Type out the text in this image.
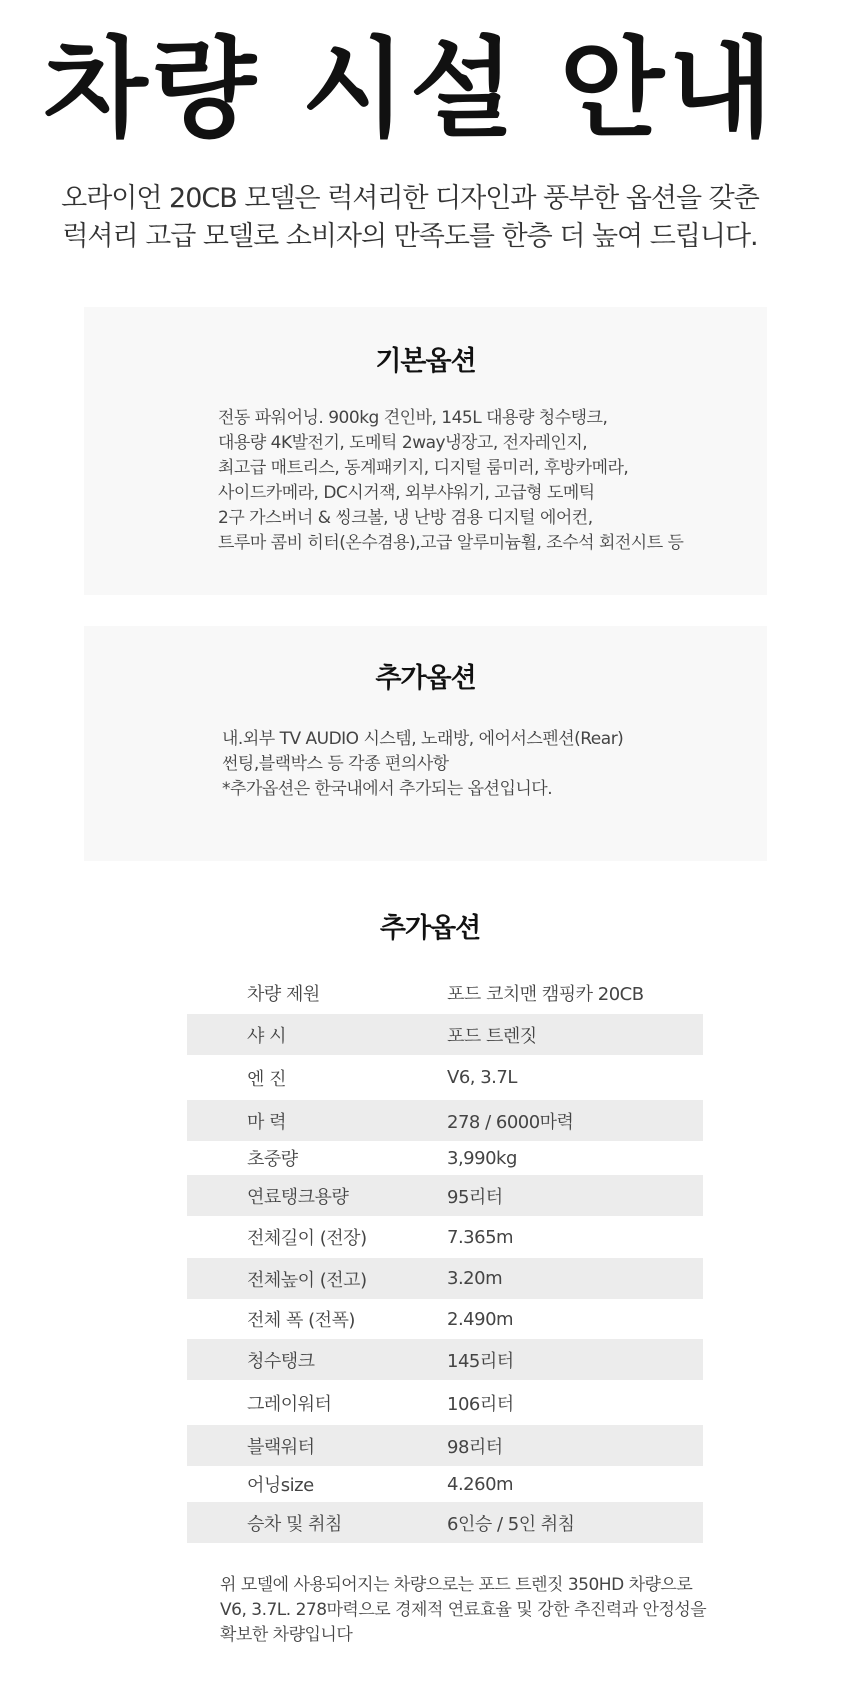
차량 시설 안내

오라이언 20CB 모델은 럭셔리한 디자인과 풍부한 옵션을 갖춘
럭셔리 고급 모델로 소비자의 만족도를 한층 더 높여 드립니다.

기본옵션
전동 파워어닝. 900kg 견인바, 145L 대용량 청수탱크,
대용량 4K발전기, 도메틱 2way냉장고, 전자레인지,
최고급 매트리스, 동계패키지, 디지털 룸미러, 후방카메라,
사이드카메라, DC시거잭, 외부샤워기, 고급형 도메틱
2구 가스버너 & 씽크볼, 냉 난방 겸용 디지털 에어컨,
트루마 콤비 히터(온수겸용),고급 알루미늄휠, 조수석 회전시트 등
추가옵션
내.외부 TV AUDIO 시스템, 노래방, 에어서스펜션(Rear)
썬팅,블랙박스 등 각종 편의사항
*추가옵션은 한국내에서 추가되는 옵션입니다.
추가옵션
차량 제원	포드 코치맨 캠핑카 20CB
샤 시	포드 트렌짓
엔 진	V6, 3.7L
마 력	278 / 6000마력
초중량	3,990kg
연료탱크용량	95리터
전체길이 (전장)	7.365m
전체높이 (전고)	3.20m
전체 폭 (전폭)	2.490m
청수탱크	145리터
그레이워터	106리터
블랙워터	98리터
어닝size	4.260m
승차 및 취침	6인승 / 5인 취침
위 모델에 사용되어지는 차량으로는 포드 트렌짓 350HD 차량으로
V6, 3.7L. 278마력으로 경제적 연료효율 및 강한 추진력과 안정성을
확보한 차량입니다
